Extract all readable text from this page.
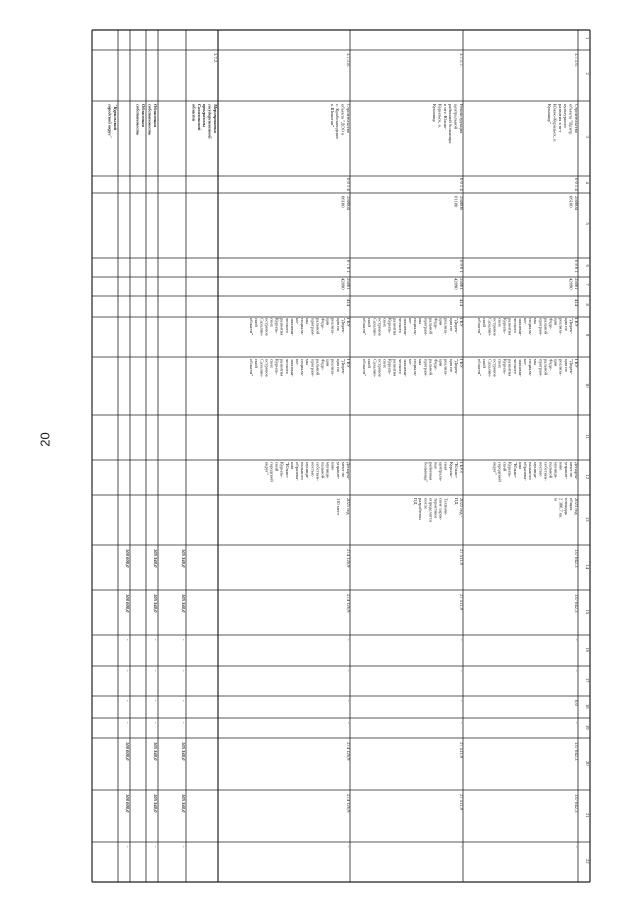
20
1
2
3
4
5
6
7
8
9
10
11
12
13
14
15
16
17
18
19
20
21
22
3.7.1.6.
Строительство
объекта "Центр
культурного
развития в пгт
Южно-Курильск, о.
Кунашир"
0 0 1 4
250004
06100
0 8 0 1
25001
42090
414
ГКУ
"Дирек-
ция по
реализа-
ции
Феде-
ральной
програм-
мы
социаль-
но-
экономи-
ческого
развития
Куриль-
ских
островов
Сахалин-
ской
области"
ГКУ
"Дирек-
ция по
реализа-
ции
Феде-
ральной
програм-
мы
социаль-
но-
экономи-
ческого
развития
Куриль-
ских
островов
Сахалин-
ской
области"
Департа-
мент по
управле-
нию
муници-
пальной
собствен-
ностью
муници-
пального
образова-
ния
"Южно-
Куриль-
ский
городской
округ"
2023 год
общая
площадь
2 380,7 кв.
м
137 042,3
137 042,3
-
-
0,0
-
137 042,3
137 042,3
-
3.7.1.7.
Реконструкция
центральной
районной больницы
в пгт. Южно-
Курильск, о.
Кунашир
0 0 1 4
250008
01100
0 9 0 1
25001
42090
414
ГКУ
"Дирек-
ция по
реализа-
ции
Феде-
ральной
програм-
мы
социаль-
но-
экономи-
ческого
развития
Куриль-
ских
островов
Сахалин-
ской
области"
ГКУ
"Дирек-
ция по
реализа-
ции
Феде-
ральной
програм-
мы
социаль-
но-
экономи-
ческого
развития
Куриль-
ских
островов
Сахалин-
ской
области"
ГБУЗ
"Южно-
Куриль-
ская
централь-
ная
районная
больница"
2022 год -
ПД
Техниче-
ские харак-
теристики
определятся
после
разработки
ПД
27 511,9
27 511,9
-
-
-
-
27 511,9
27 511,9
-
3.7.1.8.
Строительство
объекта "ДОО в
с. Крабозаводское
о.Шикотан"
0 0 1 4
250004
06100
0 7 0 1
25001
42090
414
ГКУ
"Дирек-
ция по
реализа-
ции
Феде-
ральной
програм-
мы
социаль-
но-
экономи-
ческого
развития
Куриль-
ских
островов
Сахалин-
ской
области"
ГКУ
"Дирек-
ция по
реализа-
ции
Феде-
ральной
програм-
мы
социаль-
но-
экономи-
ческого
развития
Куриль-
ских
островов
Сахалин-
ской
области"
Департа-
мент по
управле-
нию
муници-
пальной
собствен-
ностью
муници-
пального
образова-
ния
"Южно-
Куриль-
ский
городской
округ"
2021 год
110 мест
274 126,9
274 126,9
-
-
-
-
274 126,9
274 126,9
-
3.7.2.
Мероприятия
государственной
программы
Сахалинской
области
Областная
собственность
Областная
собственность
"Курильский
городской округ"
105 340,0
105 340,0
100 000,0
105 340,0
105 340,0
100 000,0
-
-
-
-
-
-
-
-
-
-
-
-
105 340,0
105 340,0
100 000,0
105 340,0
105 340,0
100 000,0
-
-
-
